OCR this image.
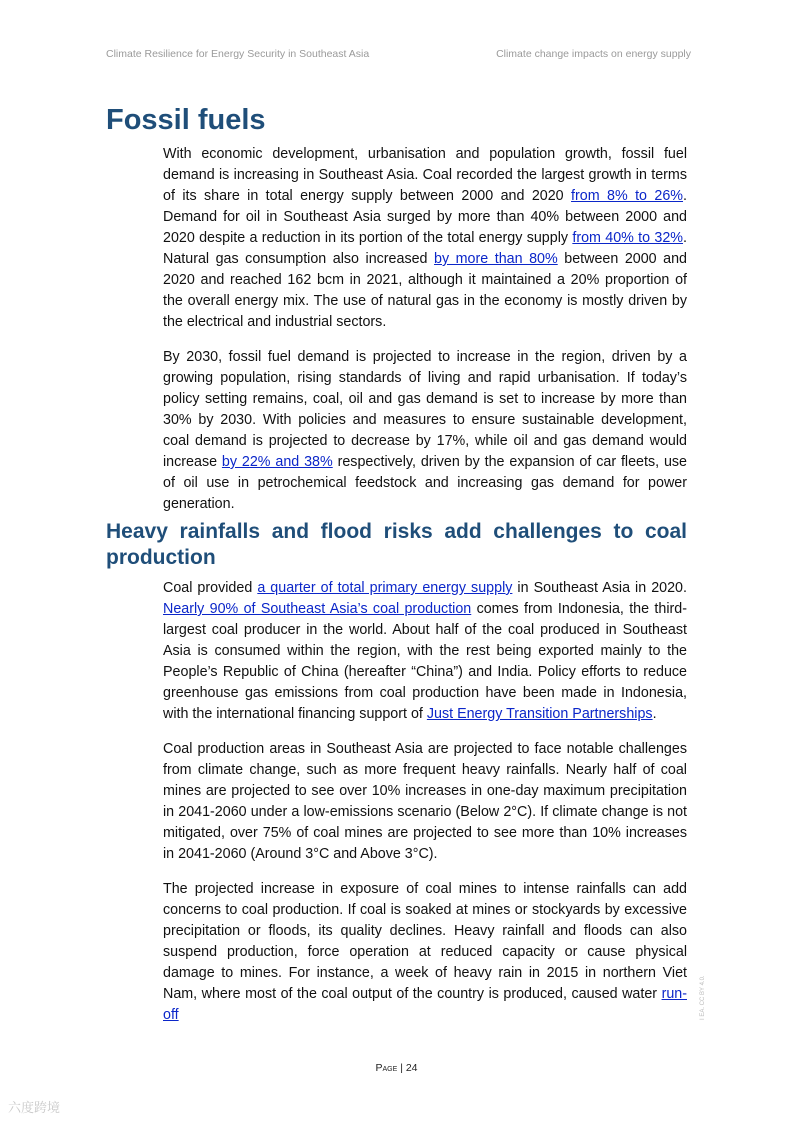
Climate Resilience for Energy Security in Southeast Asia	Climate change impacts on energy supply
Fossil fuels

With economic development, urbanisation and population growth, fossil fuel demand is increasing in Southeast Asia. Coal recorded the largest growth in terms of its share in total energy supply between 2000 and 2020 from 8% to 26%. Demand for oil in Southeast Asia surged by more than 40% between 2000 and 2020 despite a reduction in its portion of the total energy supply from 40% to 32%. Natural gas consumption also increased by more than 80% between 2000 and 2020 and reached 162 bcm in 2021, although it maintained a 20% proportion of the overall energy mix. The use of natural gas in the economy is mostly driven by the electrical and industrial sectors.

By 2030, fossil fuel demand is projected to increase in the region, driven by a growing population, rising standards of living and rapid urbanisation. If today’s policy setting remains, coal, oil and gas demand is set to increase by more than 30% by 2030. With policies and measures to ensure sustainable development, coal demand is projected to decrease by 17%, while oil and gas demand would increase by 22% and 38% respectively, driven by the expansion of car fleets, use of oil use in petrochemical feedstock and increasing gas demand for power generation.

Heavy rainfalls and flood risks add challenges to coal production

Coal provided a quarter of total primary energy supply in Southeast Asia in 2020. Nearly 90% of Southeast Asia’s coal production comes from Indonesia, the third-largest coal producer in the world. About half of the coal produced in Southeast Asia is consumed within the region, with the rest being exported mainly to the People’s Republic of China (hereafter “China”) and India. Policy efforts to reduce greenhouse gas emissions from coal production have been made in Indonesia, with the international financing support of Just Energy Transition Partnerships.

Coal production areas in Southeast Asia are projected to face notable challenges from climate change, such as more frequent heavy rainfalls. Nearly half of coal mines are projected to see over 10% increases in one-day maximum precipitation in 2041-2060 under a low-emissions scenario (Below 2°C). If climate change is not mitigated, over 75% of coal mines are projected to see more than 10% increases in 2041-2060 (Around 3°C and Above 3°C).

The projected increase in exposure of coal mines to intense rainfalls can add concerns to coal production. If coal is soaked at mines or stockyards by excessive precipitation or floods, its quality declines. Heavy rainfall and floods can also suspend production, force operation at reduced capacity or cause physical damage to mines. For instance, a week of heavy rain in 2015 in northern Viet Nam, where most of the coal output of the country is produced, caused water run-off

Page | 24
I EA. CC BY 4.0.
六度跨境
